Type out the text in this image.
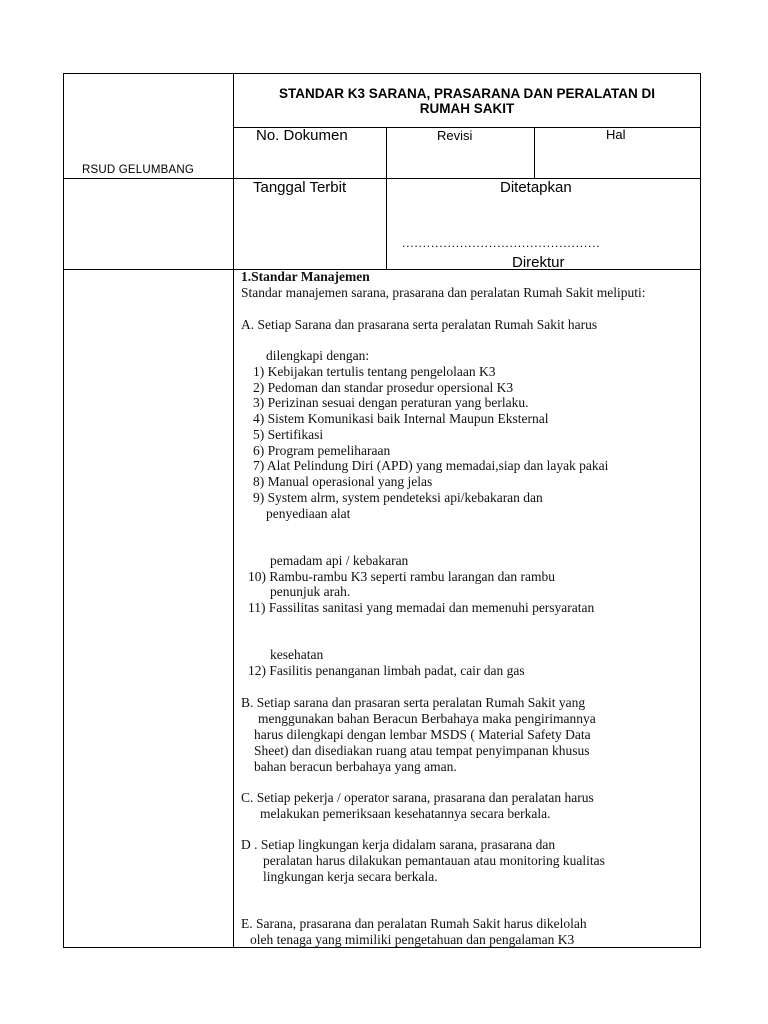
RSUD GELUMBANG
STANDAR K3 SARANA, PRASARANA DAN PERALATAN DI
RUMAH SAKIT
No. Dokumen	Revisi	Hal
Tanggal Terbit	Ditetapkan
................................................
Direktur
1.Standar Manajemen
Standar manajemen sarana, prasarana dan peralatan Rumah Sakit meliputi:
A. Setiap Sarana dan prasarana serta peralatan Rumah Sakit harus
dilengkapi dengan:
1) Kebijakan tertulis tentang pengelolaan K3
2) Pedoman dan standar prosedur opersional K3
3) Perizinan sesuai dengan peraturan yang berlaku.
4) Sistem Komunikasi baik Internal Maupun Eksternal
5) Sertifikasi
6) Program pemeliharaan
7) Alat Pelindung Diri (APD) yang memadai,siap dan layak pakai
8) Manual operasional yang jelas
9) System alrm, system pendeteksi api/kebakaran dan
penyediaan alat
pemadam api / kebakaran
10) Rambu-rambu K3 seperti rambu larangan dan rambu
penunjuk arah.
11) Fassilitas sanitasi yang memadai dan memenuhi persyaratan
kesehatan
12) Fasilitis penanganan limbah padat, cair dan gas
B. Setiap sarana dan prasaran serta peralatan Rumah Sakit yang
menggunakan bahan Beracun Berbahaya maka pengirimannya
harus dilengkapi dengan lembar MSDS ( Material Safety Data
Sheet) dan disediakan ruang atau tempat penyimpanan khusus
bahan beracun berbahaya yang aman.
C. Setiap pekerja / operator sarana, prasarana dan peralatan harus
melakukan pemeriksaan kesehatannya secara berkala.
D . Setiap lingkungan kerja didalam sarana, prasarana dan
peralatan harus dilakukan pemantauan atau monitoring kualitas
lingkungan kerja secara berkala.
E. Sarana, prasarana dan peralatan Rumah Sakit harus dikelolah
oleh tenaga yang mimiliki pengetahuan dan pengalaman K3
